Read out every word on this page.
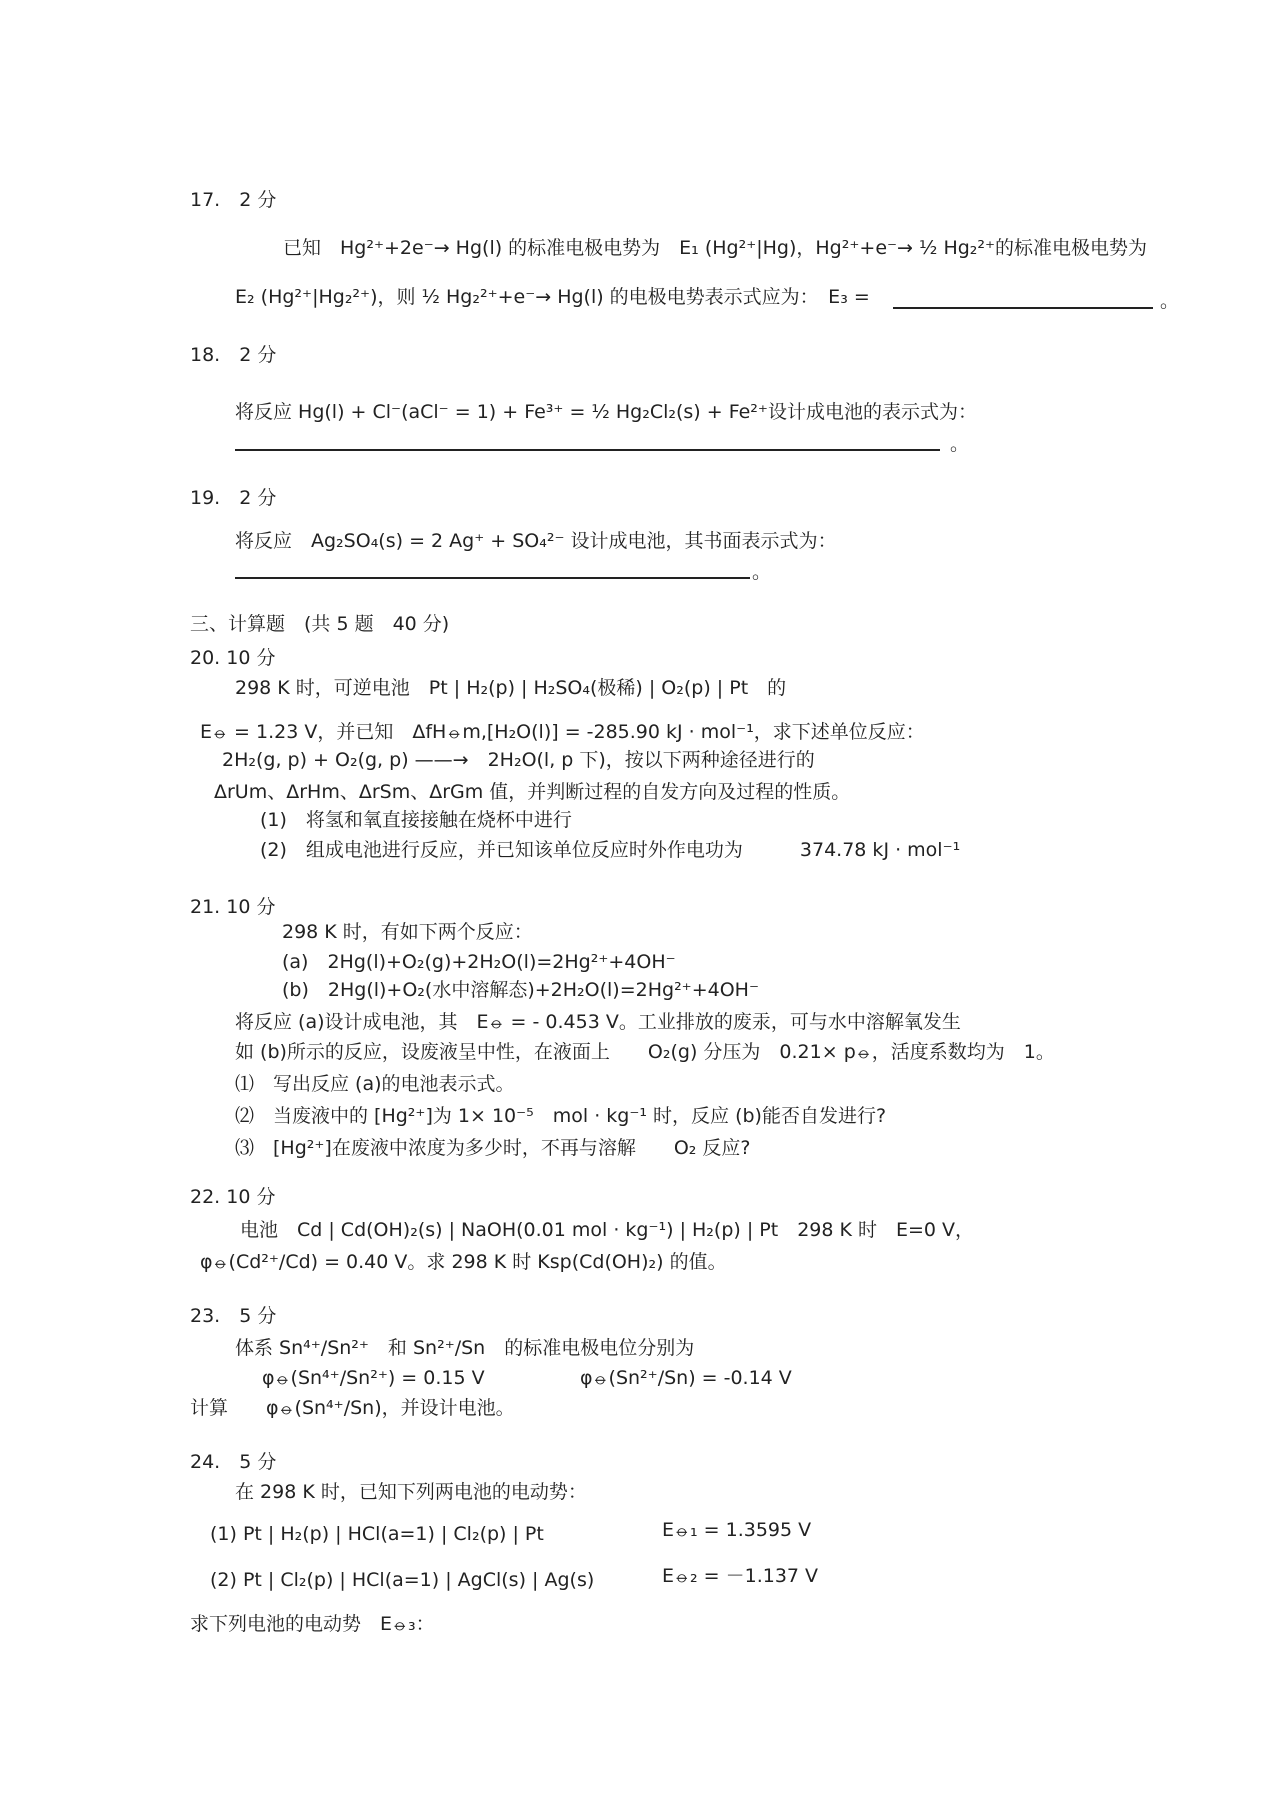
17.　2 分
已知　Hg²⁺+2e⁻→ Hg(l) 的标准电极电势为　E₁ (Hg²⁺|Hg)，Hg²⁺+e⁻→ ½ Hg₂²⁺的标准电极电势为
E₂ (Hg²⁺|Hg₂²⁺)，则 ½ Hg₂²⁺+e⁻→ Hg(l) 的电极电势表示式应为：　E₃ =	。
18.　2 分
将反应 Hg(l) + Cl⁻(aCl⁻ = 1) + Fe³⁺ = ½ Hg₂Cl₂(s) + Fe²⁺设计成电池的表示式为：
。
19.　2 分
将反应　Ag₂SO₄(s) = 2 Ag⁺ + SO₄²⁻ 设计成电池，其书面表示式为：
。
三、计算题　(共 5 题　40 分)
20. 10 分
298 K 时，可逆电池　Pt | H₂(p) | H₂SO₄(极稀) | O₂(p) | Pt　的
E⦵ = 1.23 V，并已知　ΔfH⦵m,[H₂O(l)] = -285.90 kJ · mol⁻¹，求下述单位反应：
2H₂(g, p) + O₂(g, p) ——→　2H₂O(l, p 下)，按以下两种途径进行的
ΔrUm、ΔrHm、ΔrSm、ΔrGm 值，并判断过程的自发方向及过程的性质。
(1)　将氢和氧直接接触在烧杯中进行
(2)　组成电池进行反应，并已知该单位反应时外作电功为　　　374.78 kJ · mol⁻¹
21. 10 分
298 K 时，有如下两个反应：
(a)　2Hg(l)+O₂(g)+2H₂O(l)=2Hg²⁺+4OH⁻
(b)　2Hg(l)+O₂(水中溶解态)+2H₂O(l)=2Hg²⁺+4OH⁻
将反应 (a)设计成电池，其　E⦵ = - 0.453 V。工业排放的废汞，可与水中溶解氧发生
如 (b)所示的反应，设废液呈中性，在液面上　　O₂(g) 分压为　0.21× p⦵，活度系数均为　1。
⑴　写出反应 (a)的电池表示式。
⑵　当废液中的 [Hg²⁺]为 1× 10⁻⁵　mol · kg⁻¹ 时，反应 (b)能否自发进行?
⑶　[Hg²⁺]在废液中浓度为多少时，不再与溶解　　O₂ 反应?
22. 10 分
电池　Cd | Cd(OH)₂(s) | NaOH(0.01 mol · kg⁻¹) | H₂(p) | Pt　298 K 时　E=0 V，
φ⦵(Cd²⁺/Cd) = 0.40 V。求 298 K 时 Ksp(Cd(OH)₂) 的值。
23.　5 分
体系 Sn⁴⁺/Sn²⁺　和 Sn²⁺/Sn　的标准电极电位分别为
φ⦵(Sn⁴⁺/Sn²⁺) = 0.15 V	φ⦵(Sn²⁺/Sn) = -0.14 V
计算　　φ⦵(Sn⁴⁺/Sn)，并设计电池。
24.　5 分
在 298 K 时，已知下列两电池的电动势：
(1) Pt | H₂(p) | HCl(a=1) | Cl₂(p) | Pt	E⦵₁ = 1.3595 V
(2) Pt | Cl₂(p) | HCl(a=1) | AgCl(s) | Ag(s)	E⦵₂ = －1.137 V
求下列电池的电动势　E⦵₃：
